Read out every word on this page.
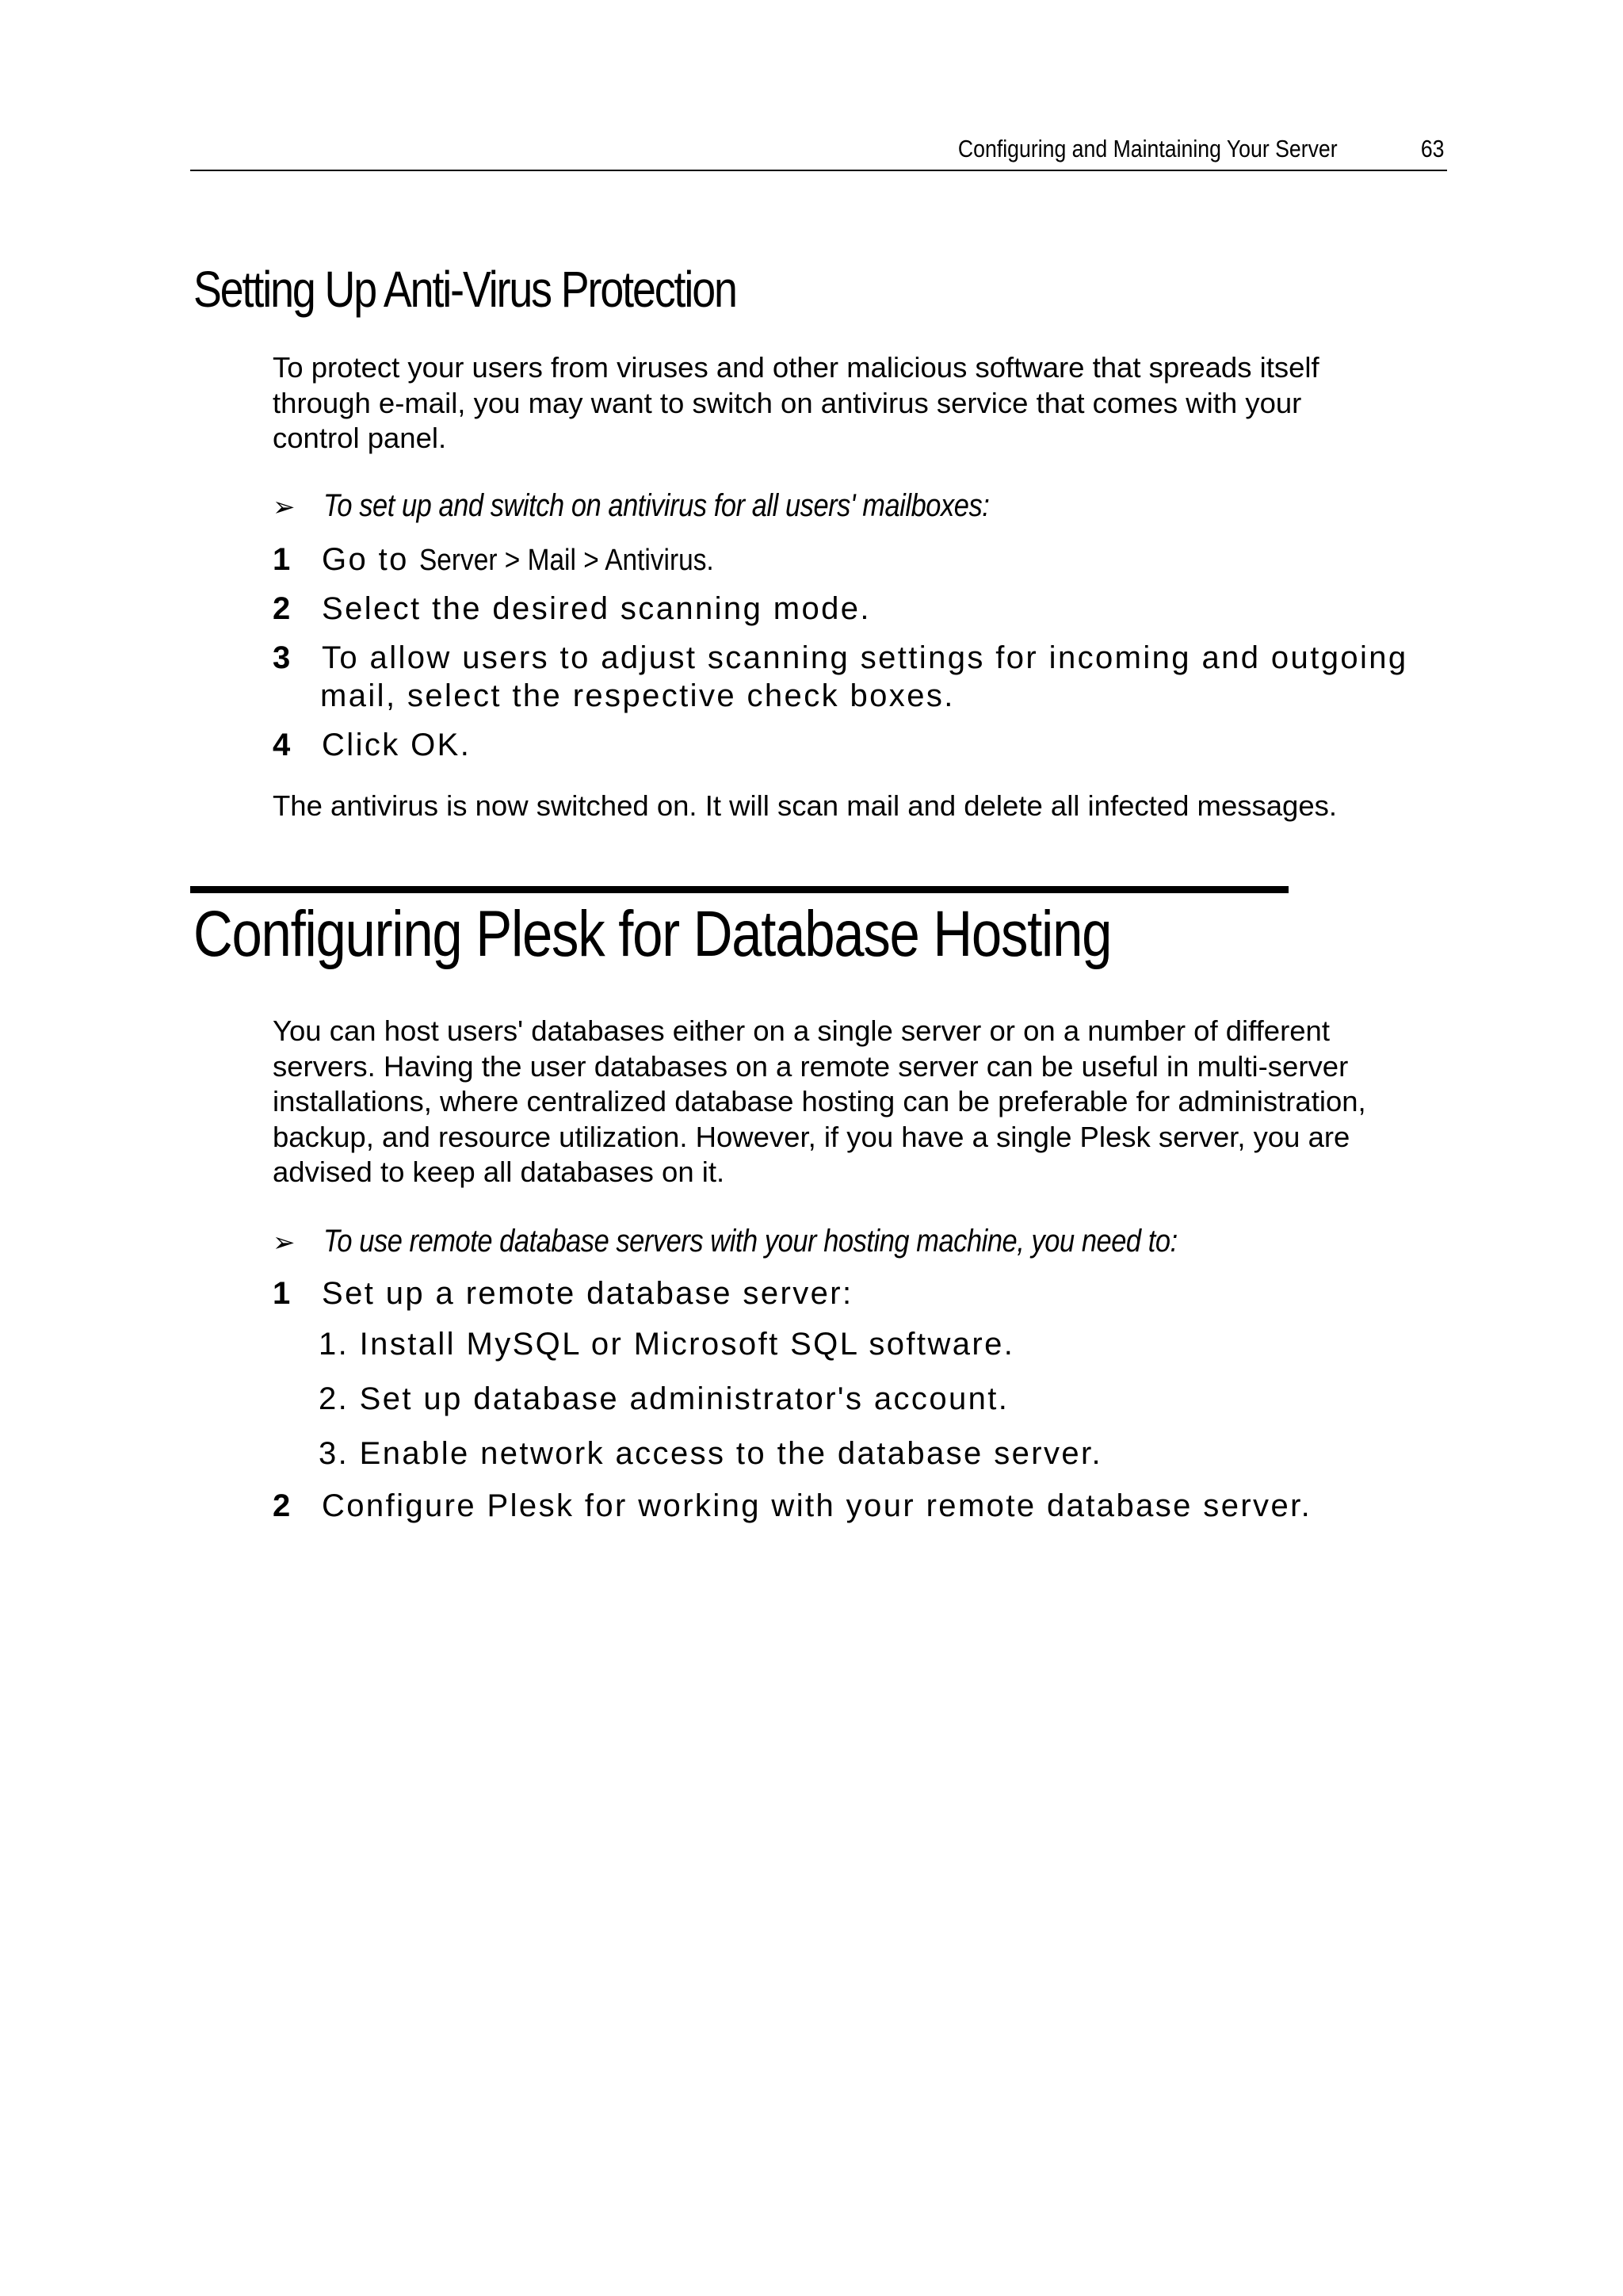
Configuring and Maintaining Your Server	63
Setting Up Anti-Virus Protection
To protect your users from viruses and other malicious software that spreads itself
through e-mail, you may want to switch on antivirus service that comes with your
control panel.
➢ To set up and switch on antivirus for all users' mailboxes:
1 Go to Server > Mail > Antivirus.
2 Select the desired scanning mode.
3 To allow users to adjust scanning settings for incoming and outgoing
mail, select the respective check boxes.
4 Click OK.
The antivirus is now switched on. It will scan mail and delete all infected messages.
Configuring Plesk for Database Hosting
You can host users' databases either on a single server or on a number of different
servers. Having the user databases on a remote server can be useful in multi-server
installations, where centralized database hosting can be preferable for administration,
backup, and resource utilization. However, if you have a single Plesk server, you are
advised to keep all databases on it.
➢ To use remote database servers with your hosting machine, you need to:
1 Set up a remote database server:
1. Install MySQL or Microsoft SQL software.
2. Set up database administrator's account.
3. Enable network access to the database server.
2 Configure Plesk for working with your remote database server.
